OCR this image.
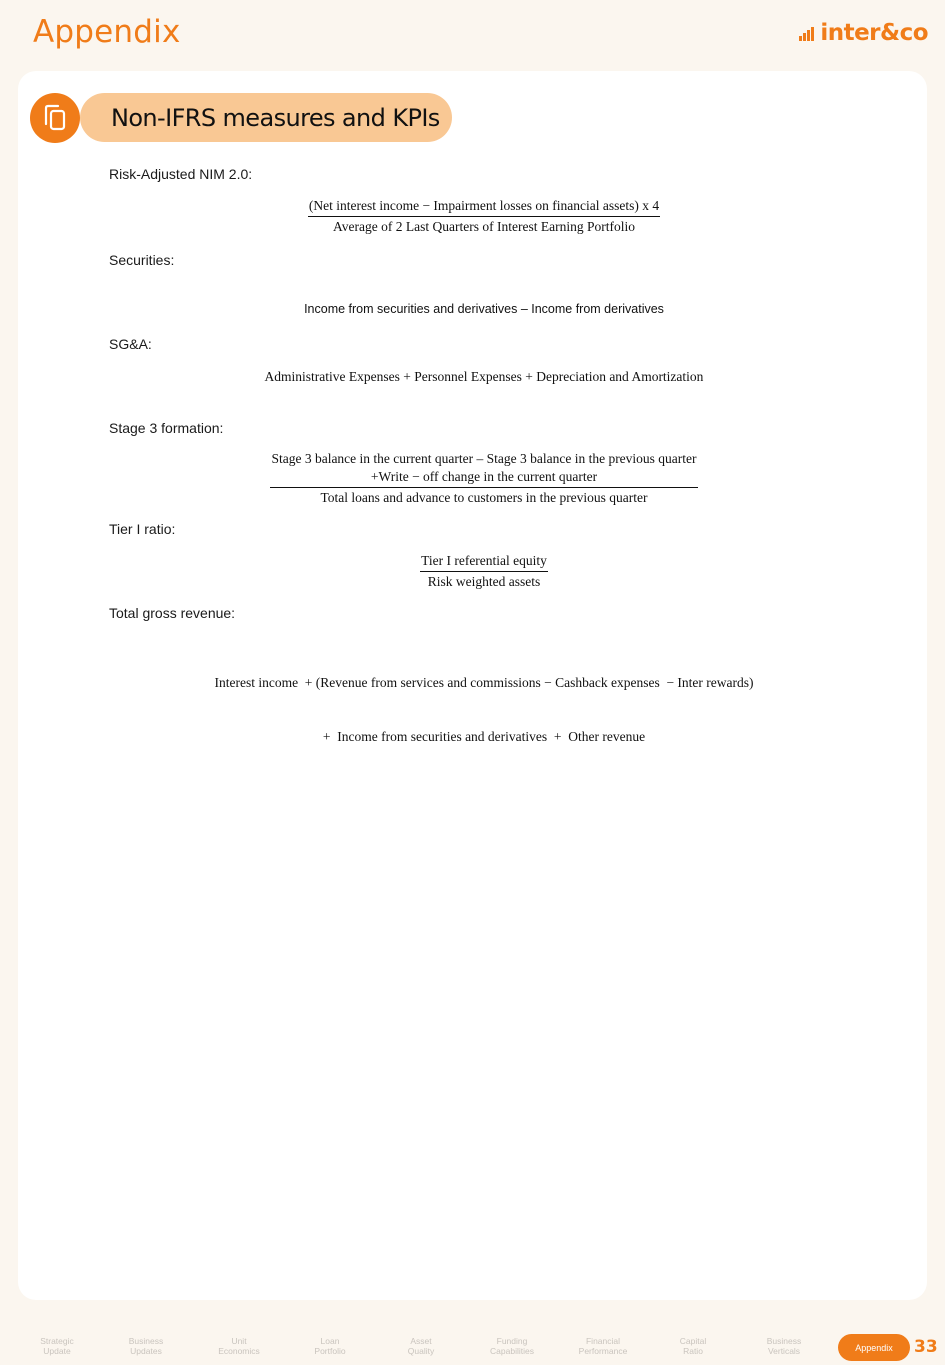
Appendix	inter&co
Non-IFRS measures and KPIs
Risk-Adjusted NIM 2.0:
(Net interest income − Impairment losses on financial assets) x 4
Average of 2 Last Quarters of Interest Earning Portfolio
Securities:
Income from securities and derivatives – Income from derivatives
SG&A:
Administrative Expenses + Personnel Expenses + Depreciation and Amortization
Stage 3 formation:
Stage 3 balance in the current quarter – Stage 3 balance in the previous quarter
+Write − off change in the current quarter
Total loans and advance to customers in the previous quarter
Tier I ratio:
$\frac{\text{Tier I referential equity}}{\text{Risk weighted assets}}$
Total gross revenue:

Interest income  + (Revenue from services and commissions − Cashback expenses  − Inter rewards)

+  Income from securities and derivatives  +  Other revenue

Strategic
Update
Business
Updates
Unit
Economics
Loan
Portfolio
Asset
Quality
Funding
Capabilities
Financial
Performance
Capital
Ratio
Business
Verticals	Appendix	33
